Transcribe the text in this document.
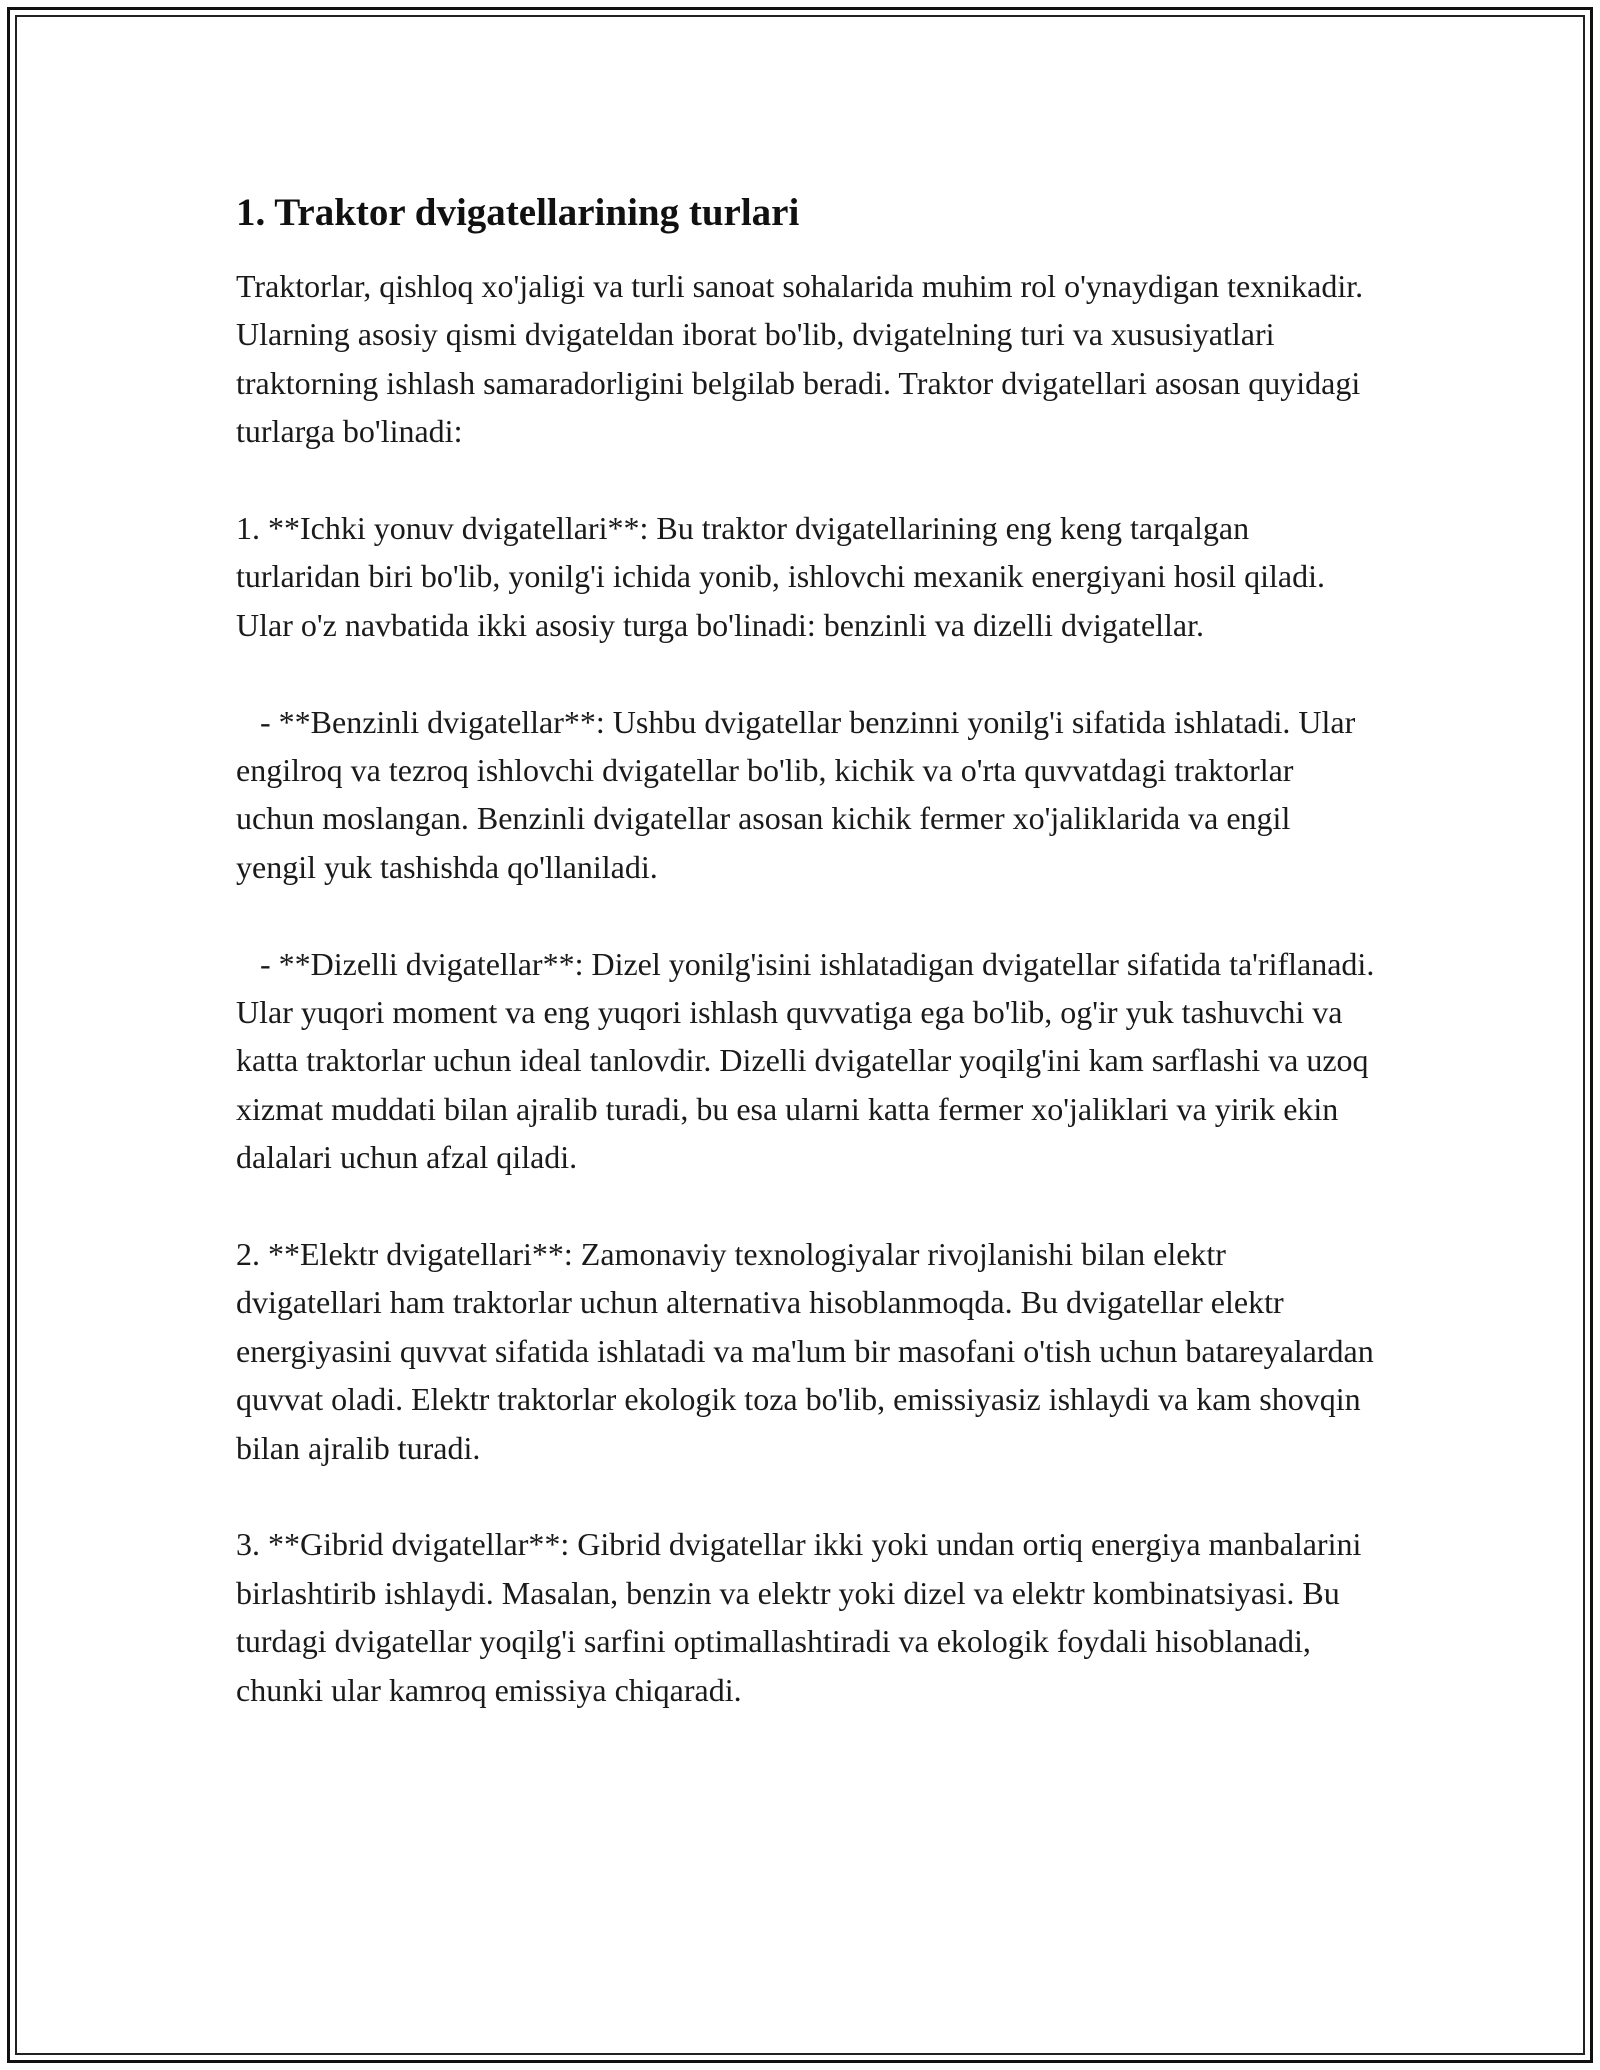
1. Traktor dvigatellarining turlari

Traktorlar, qishloq xo'jaligi va turli sanoat sohalarida muhim rol o'ynaydigan texnikadir. Ularning asosiy qismi dvigateldan iborat bo'lib, dvigatelning turi va xususiyatlari traktorning ishlash samaradorligini belgilab beradi. Traktor dvigatellari asosan quyidagi turlarga bo'linadi:

1. **Ichki yonuv dvigatellari**: Bu traktor dvigatellarining eng keng tarqalgan turlaridan biri bo'lib, yonilg'i ichida yonib, ishlovchi mexanik energiyani hosil qiladi. Ular o'z navbatida ikki asosiy turga bo'linadi: benzinli va dizelli dvigatellar.

- **Benzinli dvigatellar**: Ushbu dvigatellar benzinni yonilg'i sifatida ishlatadi. Ular engilroq va tezroq ishlovchi dvigatellar bo'lib, kichik va o'rta quvvatdagi traktorlar uchun moslangan. Benzinli dvigatellar asosan kichik fermer xo'jaliklarida va engil yengil yuk tashishda qo'llaniladi.

- **Dizelli dvigatellar**: Dizel yonilg'isini ishlatadigan dvigatellar sifatida ta'riflanadi. Ular yuqori moment va eng yuqori ishlash quvvatiga ega bo'lib, og'ir yuk tashuvchi va katta traktorlar uchun ideal tanlovdir. Dizelli dvigatellar yoqilg'ini kam sarflashi va uzoq xizmat muddati bilan ajralib turadi, bu esa ularni katta fermer xo'jaliklari va yirik ekin dalalari uchun afzal qiladi.

2. **Elektr dvigatellari**: Zamonaviy texnologiyalar rivojlanishi bilan elektr dvigatellari ham traktorlar uchun alternativa hisoblanmoqda. Bu dvigatellar elektr energiyasini quvvat sifatida ishlatadi va ma'lum bir masofani o'tish uchun batareyalardan quvvat oladi. Elektr traktorlar ekologik toza bo'lib, emissiyasiz ishlaydi va kam shovqin bilan ajralib turadi.

3. **Gibrid dvigatellar**: Gibrid dvigatellar ikki yoki undan ortiq energiya manbalarini birlashtirib ishlaydi. Masalan, benzin va elektr yoki dizel va elektr kombinatsiyasi. Bu turdagi dvigatellar yoqilg'i sarfini optimallashtiradi va ekologik foydali hisoblanadi, chunki ular kamroq emissiya chiqaradi.
